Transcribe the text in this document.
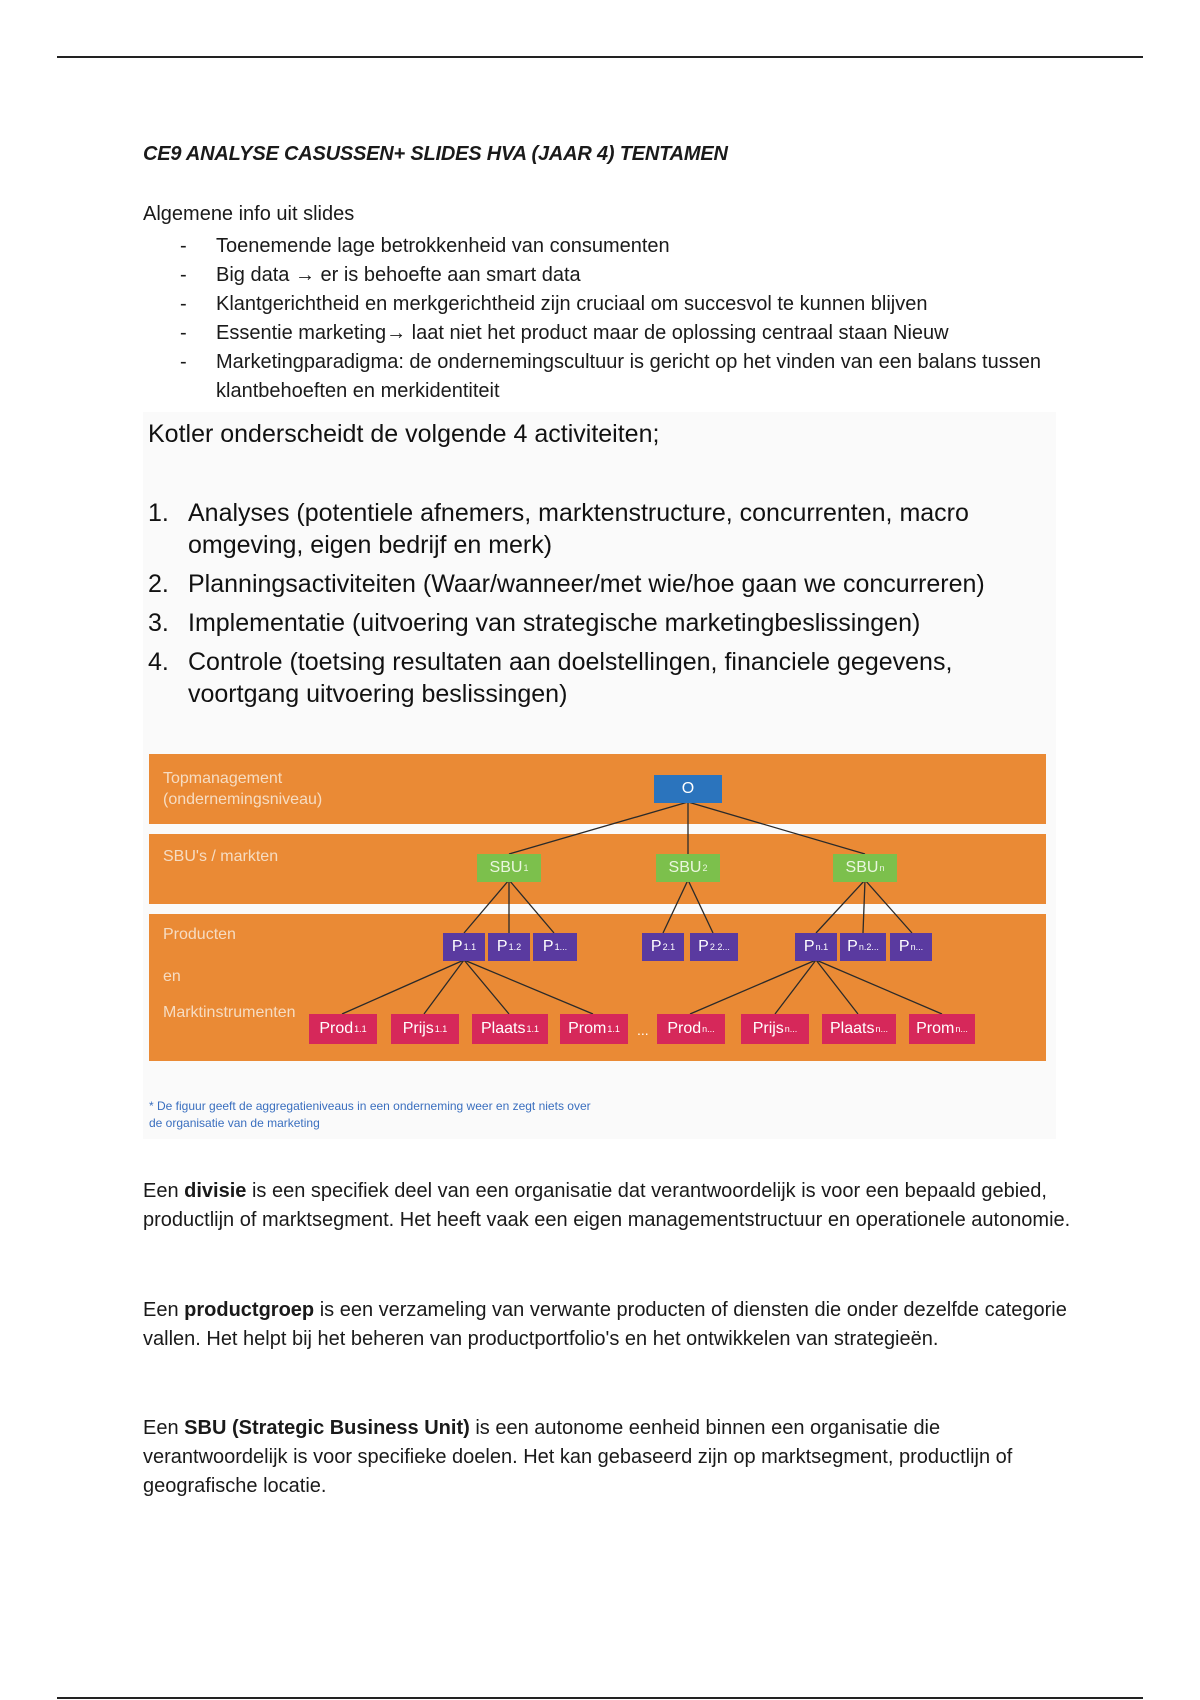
CE9 ANALYSE CASUSSEN+ SLIDES HVA (JAAR 4) TENTAMEN
Algemene info uit slides
- Toenemende lage betrokkenheid van consumenten
- Big data → er is behoefte aan smart data
- Klantgerichtheid en merkgerichtheid zijn cruciaal om succesvol te kunnen blijven
- Essentie marketing→ laat niet het product maar de oplossing centraal staan Nieuw
- Marketingparadigma: de ondernemingscultuur is gericht op het vinden van een balans tussen klantbehoeften en merkidentiteit
Kotler onderscheidt de volgende 4 activiteiten;
1. Analyses (potentiele afnemers, marktenstructure, concurrenten, macro omgeving, eigen bedrijf en merk)
2. Planningsactiviteiten (Waar/wanneer/met wie/hoe gaan we concurreren)
3. Implementatie (uitvoering van strategische marketingbeslissingen)
4. Controle (toetsing resultaten aan doelstellingen, financiele gegevens, voortgang uitvoering beslissingen)
Topmanagement
(ondernemingsniveau)
SBU's / markten
Producten
en
Marktinstrumenten
O
SBU 1	SBU 2	SBU n
P 1.1 P 1.2 P 1...	P 2.1 P 2.2...	P n.1 P n.2... P n...
Prod 1.1 Prijs 1.1 Plaats 1.1 Prom 1.1 ... Prod n... Prijs n... Plaats n... Prom n...
* De figuur geeft de aggregatieniveaus in een onderneming weer en zegt niets over
de organisatie van de marketing

Een divisie is een specifiek deel van een organisatie dat verantwoordelijk is voor een bepaald gebied, productlijn of marktsegment. Het heeft vaak een eigen managementstructuur en operationele autonomie.

Een productgroep is een verzameling van verwante producten of diensten die onder dezelfde categorie vallen. Het helpt bij het beheren van productportfolio's en het ontwikkelen van strategieën.

Een SBU (Strategic Business Unit) is een autonome eenheid binnen een organisatie die verantwoordelijk is voor specifieke doelen. Het kan gebaseerd zijn op marktsegment, productlijn of geografische locatie.
